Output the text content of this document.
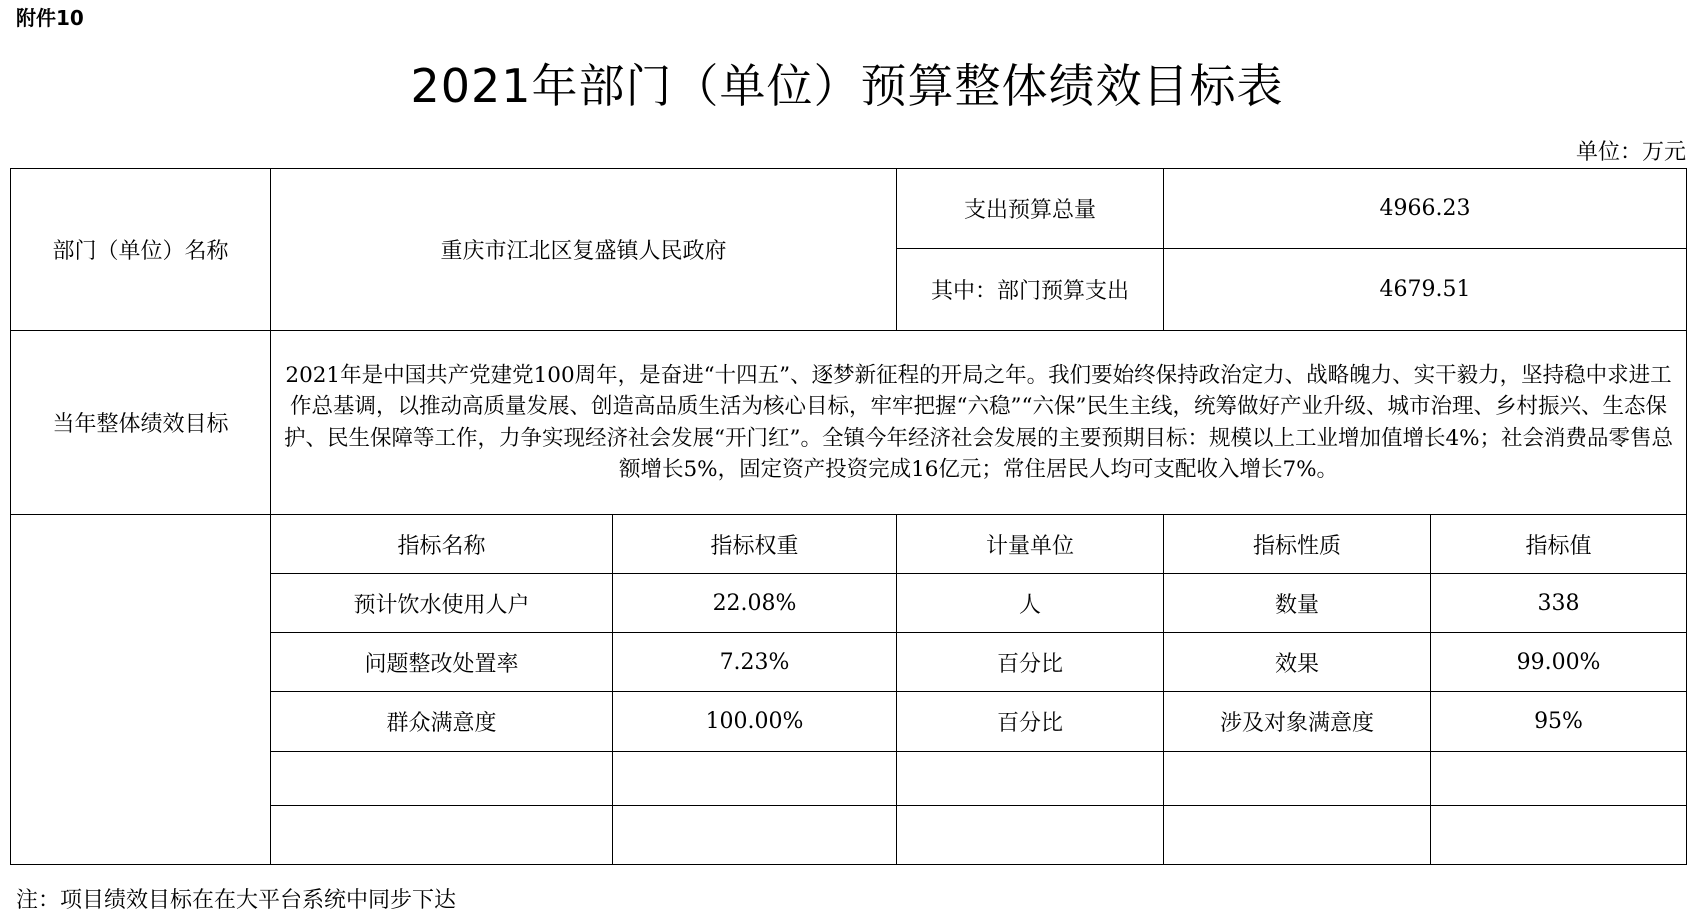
附件10
2021年部门（单位）预算整体绩效目标表
单位：万元
部门（单位）名称	重庆市江北区复盛镇人民政府		支出预算总量	4966.23	
			其中：部门预算支出	4679.51	
当年整体绩效目标	2021年是中国共产党建党100周年，是奋进“十四五”、逐梦新征程的开局之年。我们要始终保持政治定力、战略魄力、实干毅力，坚持稳中求进工作总基调，以推动高质量发展、创造高品质生活为核心目标，牢牢把握“六稳”“六保”民生主线，统筹做好产业升级、城市治理、乡村振兴、生态保护、民生保障等工作，力争实现经济社会发展“开门红”。全镇今年经济社会发展的主要预期目标：规模以上工业增加值增长4%；社会消费品零售总额增长5%，固定资产投资完成16亿元；常住居民人均可支配收入增长7%。				
	指标名称	指标权重	计量单位	指标性质	指标值
	预计饮水使用人户	22.08%	人	数量	338
	问题整改处置率	7.23%	百分比	效果	99.00%
	群众满意度	100.00%	百分比	涉及对象满意度	95%

注：项目绩效目标在在大平台系统中同步下达
